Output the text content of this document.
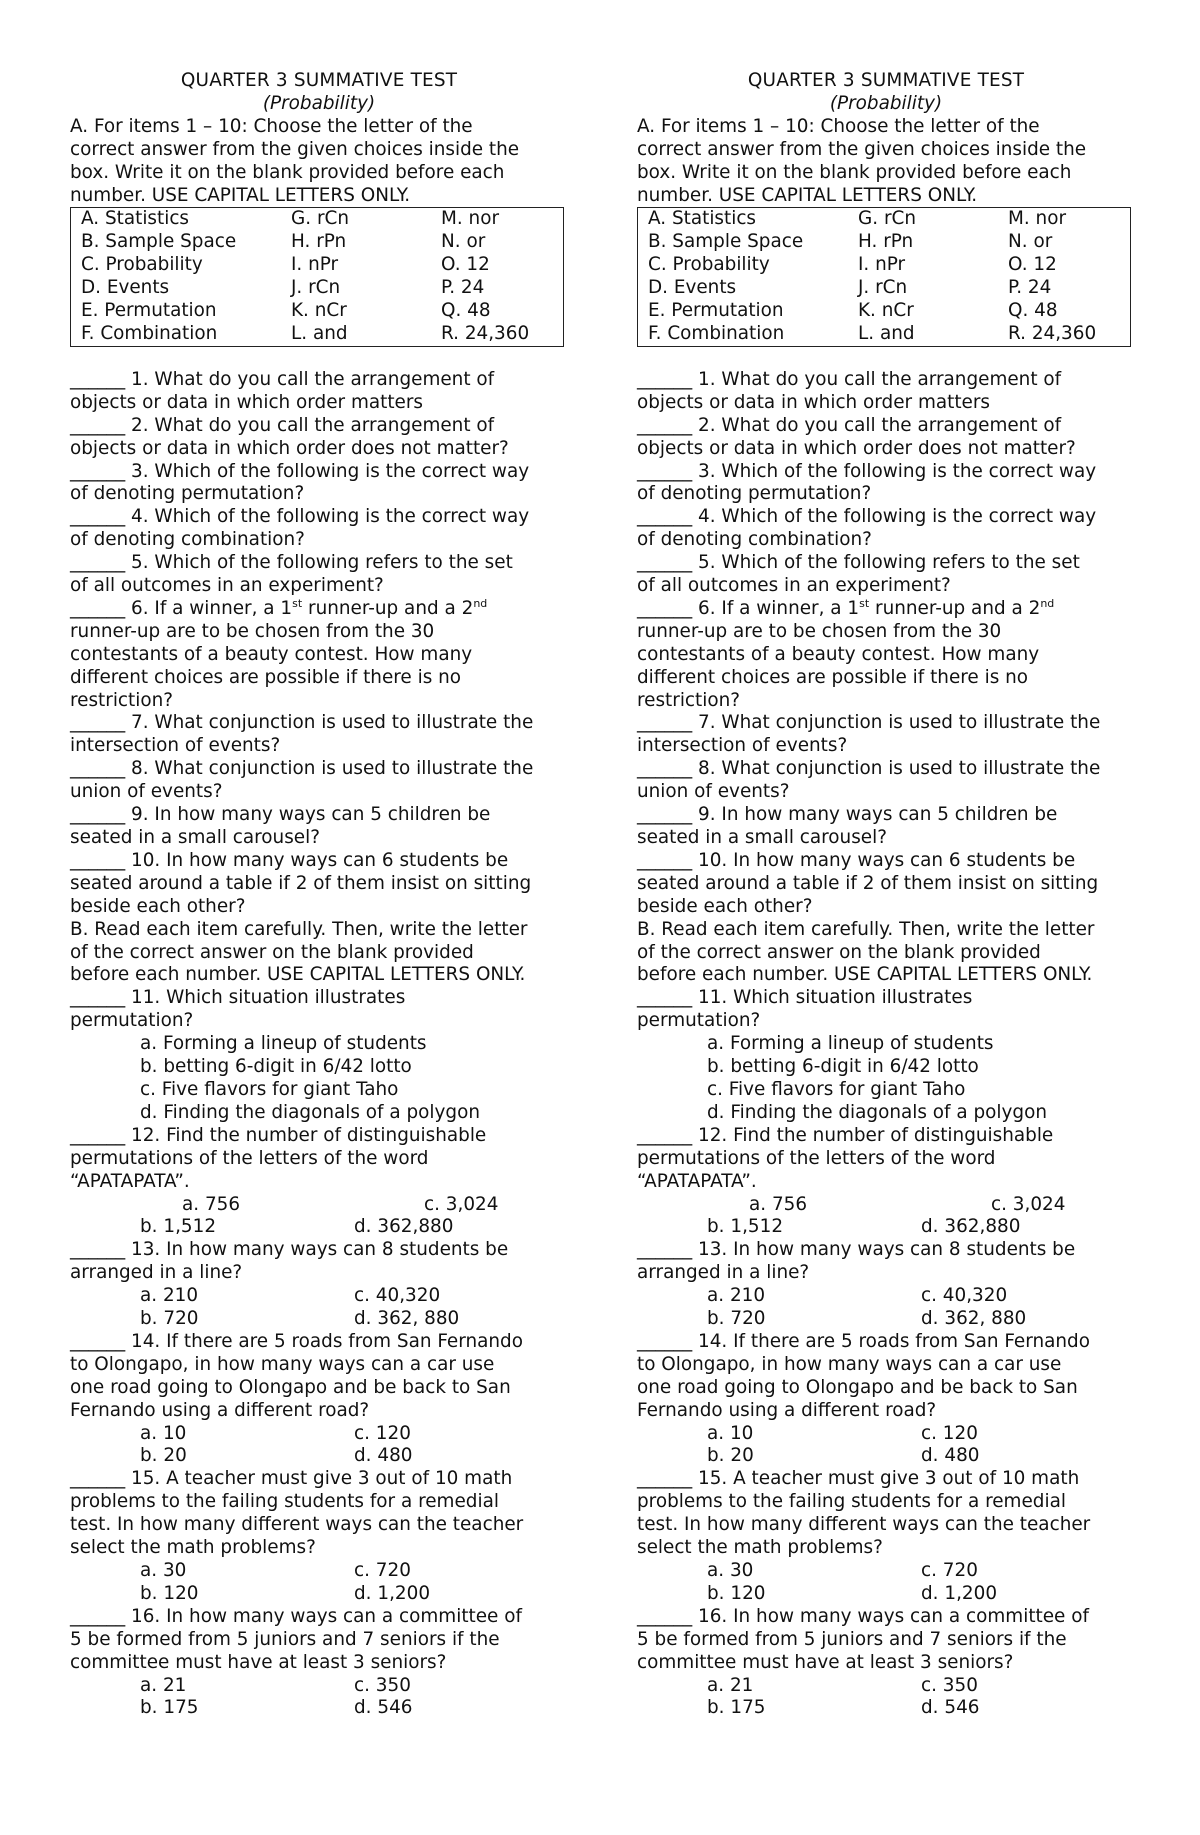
QUARTER 3 SUMMATIVE TEST
(Probability)
A. For items 1 – 10: Choose the letter of the
correct answer from the given choices inside the
box. Write it on the blank provided before each
number. USE CAPITAL LETTERS ONLY.
A. Statistics	G. rCn	M. nor
B. Sample Space	H. rPn	N. or
C. Probability	I. nPr	O. 12
D. Events	J. rCn	P. 24
E. Permutation	K. nCr	Q. 48
F. Combination	L. and	R. 24,360
______ 1. What do you call the arrangement of
objects or data in which order matters
______ 2. What do you call the arrangement of
objects or data in which order does not matter?
______ 3. Which of the following is the correct way
of denoting permutation?
______ 4. Which of the following is the correct way
of denoting combination?
______ 5. Which of the following refers to the set
of all outcomes in an experiment?
______ 6. If a winner, a 1st runner-up and a 2nd
runner-up are to be chosen from the 30
contestants of a beauty contest. How many
different choices are possible if there is no
restriction?
______ 7. What conjunction is used to illustrate the
intersection of events?
______ 8. What conjunction is used to illustrate the
union of events?
______ 9. In how many ways can 5 children be
seated in a small carousel?
______ 10. In how many ways can 6 students be
seated around a table if 2 of them insist on sitting
beside each other?
B. Read each item carefully. Then, write the letter
of the correct answer on the blank provided
before each number. USE CAPITAL LETTERS ONLY.
______ 11. Which situation illustrates
permutation?
a. Forming a lineup of students
b. betting 6-digit in 6/42 lotto
c. Five flavors for giant Taho
d. Finding the diagonals of a polygon
______ 12. Find the number of distinguishable
permutations of the letters of the word
“APATAPATA”.
a. 756	c. 3,024
b. 1,512	d. 362,880
______ 13. In how many ways can 8 students be
arranged in a line?
a. 210	c. 40,320
b. 720	d. 362, 880
______ 14. If there are 5 roads from San Fernando
to Olongapo, in how many ways can a car use
one road going to Olongapo and be back to San
Fernando using a different road?
a. 10	c. 120
b. 20	d. 480
______ 15. A teacher must give 3 out of 10 math
problems to the failing students for a remedial
test. In how many different ways can the teacher
select the math problems?
a. 30	c. 720
b. 120	d. 1,200
______ 16. In how many ways can a committee of
5 be formed from 5 juniors and 7 seniors if the
committee must have at least 3 seniors?
a. 21	c. 350
b. 175	d. 546
QUARTER 3 SUMMATIVE TEST
(Probability)
A. For items 1 – 10: Choose the letter of the
correct answer from the given choices inside the
box. Write it on the blank provided before each
number. USE CAPITAL LETTERS ONLY.
A. Statistics	G. rCn	M. nor
B. Sample Space	H. rPn	N. or
C. Probability	I. nPr	O. 12
D. Events	J. rCn	P. 24
E. Permutation	K. nCr	Q. 48
F. Combination	L. and	R. 24,360
______ 1. What do you call the arrangement of
objects or data in which order matters
______ 2. What do you call the arrangement of
objects or data in which order does not matter?
______ 3. Which of the following is the correct way
of denoting permutation?
______ 4. Which of the following is the correct way
of denoting combination?
______ 5. Which of the following refers to the set
of all outcomes in an experiment?
______ 6. If a winner, a 1st runner-up and a 2nd
runner-up are to be chosen from the 30
contestants of a beauty contest. How many
different choices are possible if there is no
restriction?
______ 7. What conjunction is used to illustrate the
intersection of events?
______ 8. What conjunction is used to illustrate the
union of events?
______ 9. In how many ways can 5 children be
seated in a small carousel?
______ 10. In how many ways can 6 students be
seated around a table if 2 of them insist on sitting
beside each other?
B. Read each item carefully. Then, write the letter
of the correct answer on the blank provided
before each number. USE CAPITAL LETTERS ONLY.
______ 11. Which situation illustrates
permutation?
a. Forming a lineup of students
b. betting 6-digit in 6/42 lotto
c. Five flavors for giant Taho
d. Finding the diagonals of a polygon
______ 12. Find the number of distinguishable
permutations of the letters of the word
“APATAPATA”.
a. 756	c. 3,024
b. 1,512	d. 362,880
______ 13. In how many ways can 8 students be
arranged in a line?
a. 210	c. 40,320
b. 720	d. 362, 880
______ 14. If there are 5 roads from San Fernando
to Olongapo, in how many ways can a car use
one road going to Olongapo and be back to San
Fernando using a different road?
a. 10	c. 120
b. 20	d. 480
______ 15. A teacher must give 3 out of 10 math
problems to the failing students for a remedial
test. In how many different ways can the teacher
select the math problems?
a. 30	c. 720
b. 120	d. 1,200
______ 16. In how many ways can a committee of
5 be formed from 5 juniors and 7 seniors if the
committee must have at least 3 seniors?
a. 21	c. 350
b. 175	d. 546
